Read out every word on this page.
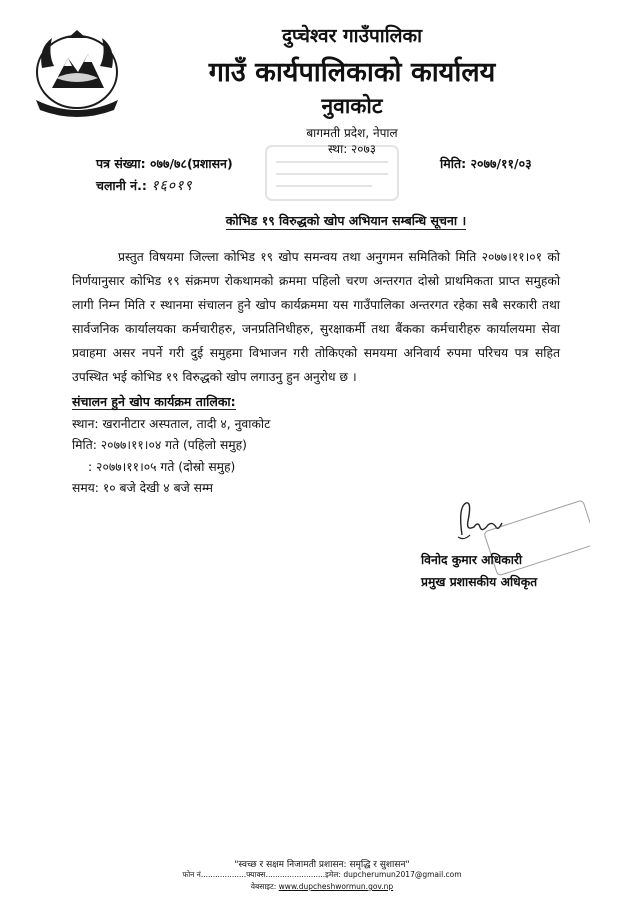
दुप्चेश्वर गाउँपालिका
गाउँ कार्यपालिकाको कार्यालय
नुवाकोट
बागमती प्रदेश, नेपाल
स्था: २०७३
पत्र संख्या: ०७७/७८(प्रशासन)	मिति: २०७७/११/०३
चलानी नं.: १६०१९
कोभिड १९ विरुद्धको खोप अभियान सम्बन्धि सूचना ।
प्रस्तुत विषयमा जिल्ला कोभिड १९ खोप समन्वय तथा अनुगमन समितिको मिति २०७७।११।०१ को निर्णयानुसार कोभिड १९ संक्रमण रोकथामको क्रममा पहिलो चरण अन्तरगत दोस्रो प्राथमिकता प्राप्त समुहको लागी निम्न मिति र स्थानमा संचालन हुने खोप कार्यक्रममा यस गाउँपालिका अन्तरगत रहेका सबै सरकारी तथा सार्वजनिक कार्यालयका कर्मचारीहरु, जनप्रतिनिधीहरु, सुरक्षाकर्मी तथा बैंकका कर्मचारीहरु कार्यालयमा सेवा प्रवाहमा असर नपर्ने गरी दुई समुहमा विभाजन गरी तोकिएको समयमा अनिवार्य रुपमा परिचय पत्र सहित उपस्थित भई कोभिड १९ विरुद्धको खोप लगाउनु हुन अनुरोध छ ।
संचालन हुने खोप कार्यक्रम तालिका:
स्थान: खरानीटार अस्पताल, तादी ४, नुवाकोट
मिति: २०७७।११।०४ गते (पहिलो समुह)
: २०७७।११।०५ गते (दोस्रो समुह)
समय: १० बजे देखी ४ बजे सम्म
विनोद कुमार अधिकारी
प्रमुख प्रशासकीय अधिकृत
"स्वच्छ र सक्षम निजामती प्रशासन: समृद्धि र सुशासन"
फोन नं...................फ्याक्स.........................इमेल: dupcherumun2017@gmail.com
वेबसाइट: www.dupcheshwormun.gov.np
